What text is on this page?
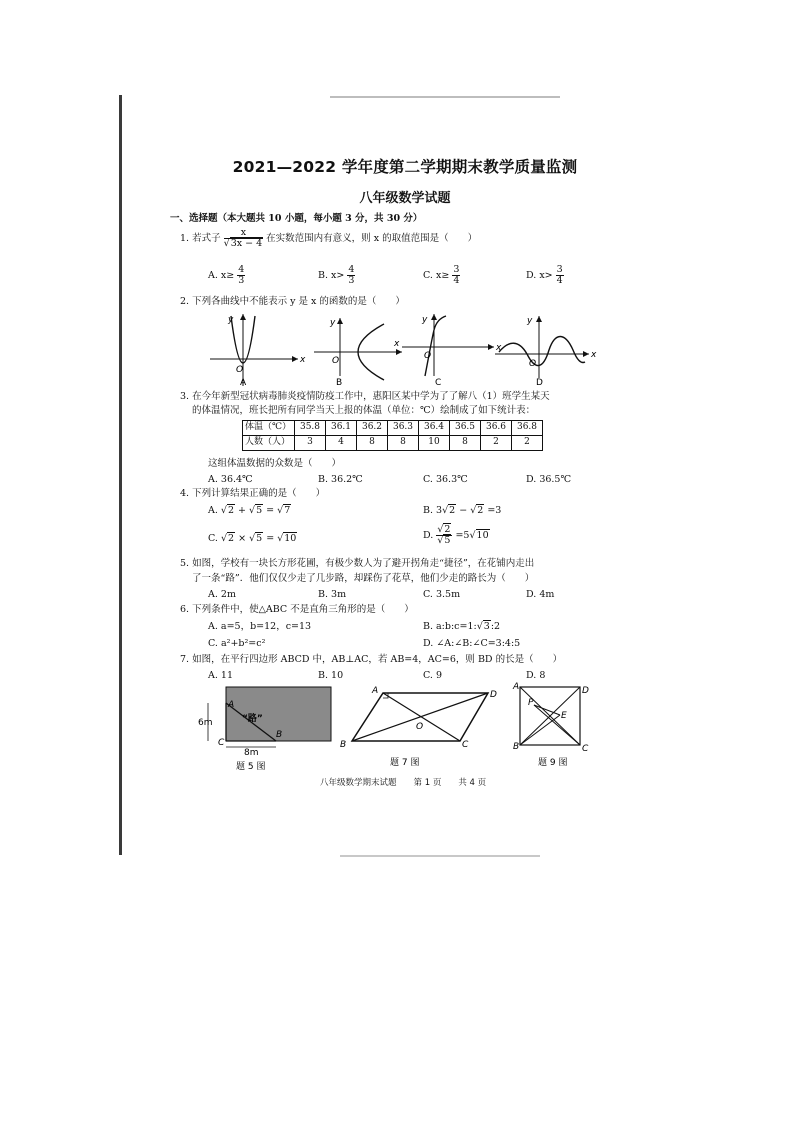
2021—2022 学年度第二学期期末教学质量监测
八年级数学试题
一、选择题（本大题共 10 小题，每小题 3 分，共 30 分）
1. 若式子 $\frac{x}{√3x - 4}$ 在实数范围内有意义，则 x 的取值范围是（　　）
A. $x\ge \frac{4}{3}$	B. $x> \frac{4}{3}$	C. $x\ge \frac{3}{4}$	D. $x> \frac{3}{4}$
2. 下列各曲线中不能表示 y 是 x 的函数的是（　　）
x
y
O
A
x
y
O
B
x
y
O
C
x
y
O
D
3. 在今年新型冠状病毒肺炎疫情防疫工作中，惠阳区某中学为了了解八（1）班学生某天
的体温情况，班长把所有同学当天上报的体温（单位：℃）绘制成了如下统计表：
体温（℃）	35.8	36.1	36.2	36.3	36.4	36.5	36.6	36.8
人数（人）	3	4	8	8	10	8	2	2
这组体温数据的众数是（　　）
A. 36.4℃	B. 36.2℃	C. 36.3℃	D. 36.5℃
4. 下列计算结果正确的是（　　）
A. √2 + √5 = √7	B. 3√2 − √2 =3
C. √2 × √5 = √10	D. $\frac{√2}{√5} =5√10$
5. 如图，学校有一块长方形花圃，有极少数人为了避开拐角走“捷径”，在花铺内走出
了一条“路”．他们仅仅少走了几步路，却踩伤了花草，他们少走的路长为（　　）
A. 2m	B. 3m	C. 3.5m	D. 4m
6. 下列条件中，使△ABC 不是直角三角形的是（　　）
A. a=5，b=12，c=13	B. a:b:c=1:√3:2
C. a²+b²=c²	D. ∠A:∠B:∠C=3:4:5
7. 如图，在平行四边形 ABCD 中，AB⊥AC，若 AB=4，AC=6，则 BD 的长是（　　）
A. 11	B. 10	C. 9	D. 8
A
B
C
“路”
6m
8m
题 5 图
A	D
B	C
O
题 7 图
A	D
B	C
P
E
题 9 图
八年级数学期末试题　　第 1 页　　共 4 页
